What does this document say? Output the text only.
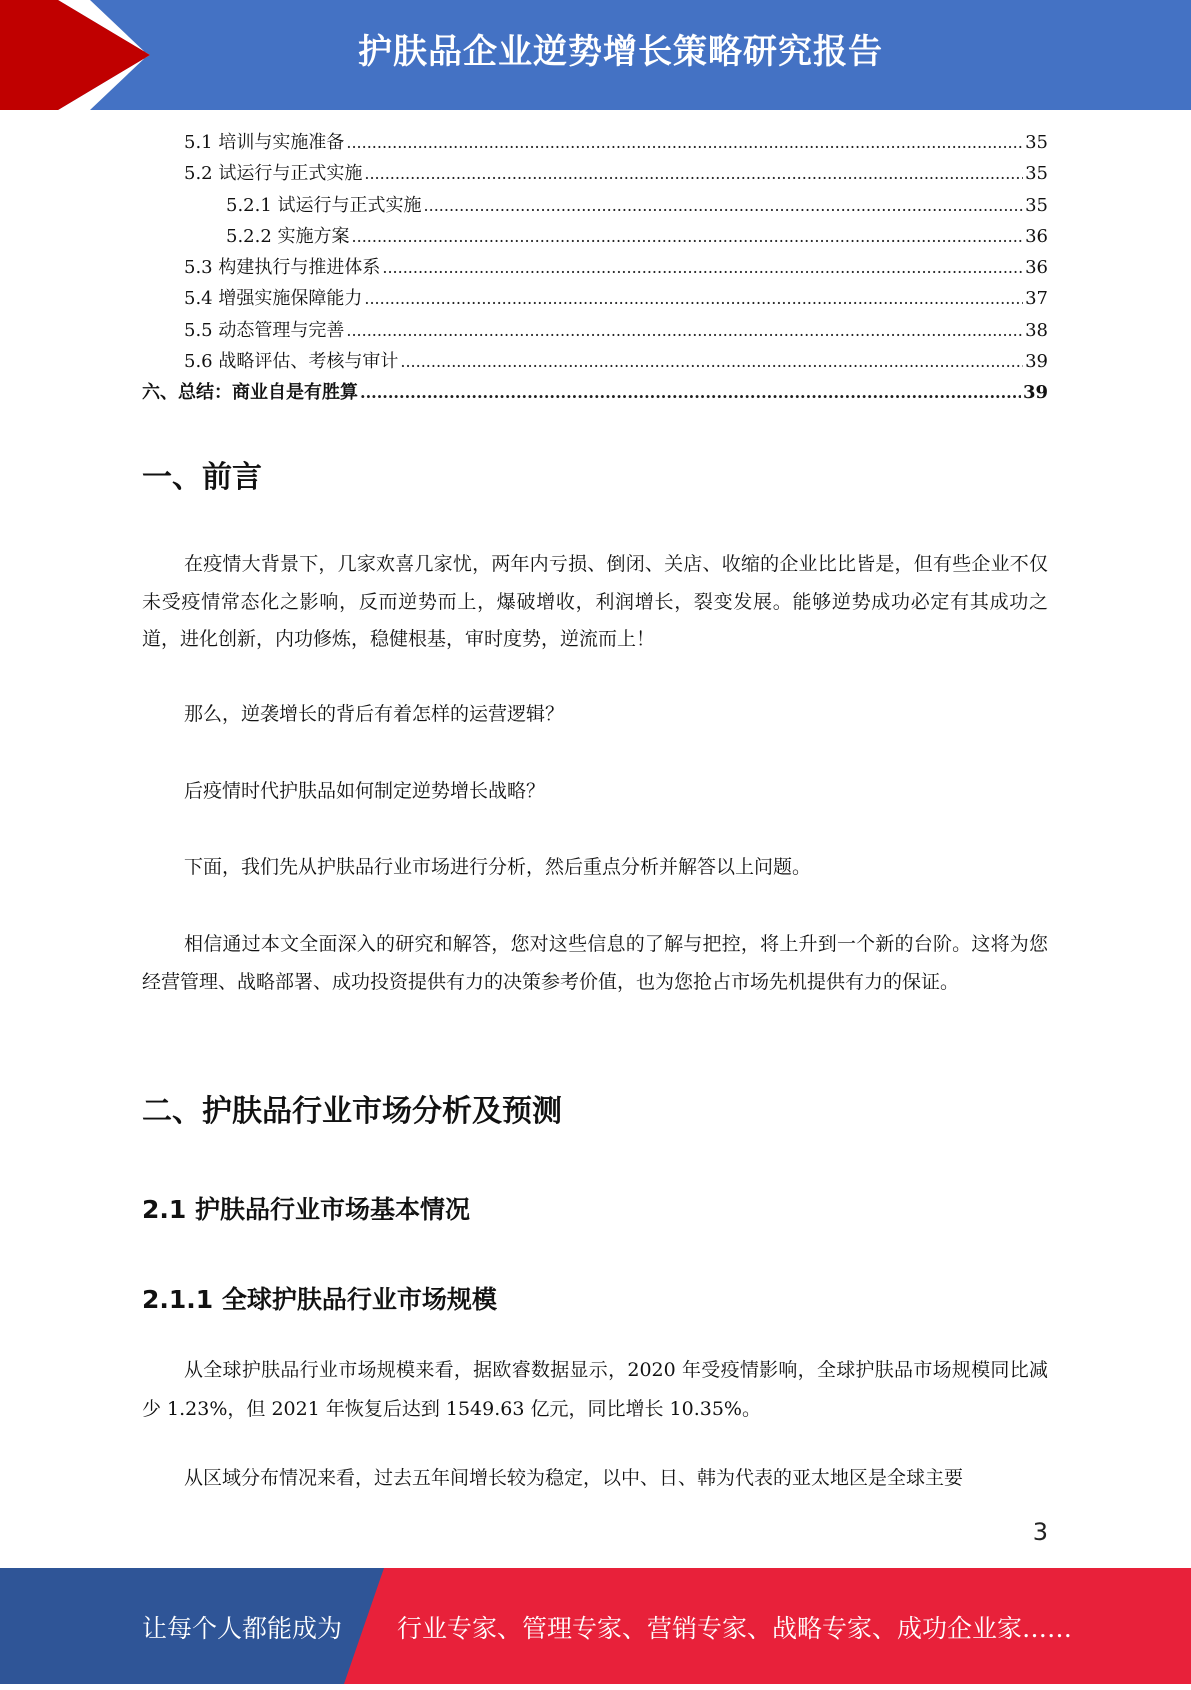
护肤品企业逆势增长策略研究报告
5.1 培训与实施准备 .....	35
5.2 试运行与正式实施 .....	35
5.2.1 试运行与正式实施 .....	35
5.2.2 实施方案 .....	36
5.3 构建执行与推进体系 .....	36
5.4 增强实施保障能力 .....	37
5.5 动态管理与完善 .....	38
5.6 战略评估、考核与审计 .....	39
六、总结：商业自是有胜算 .....	39
一、前言
在疫情大背景下，几家欢喜几家忧，两年内亏损、倒闭、关店、收缩的企业比比皆是，但有些企业不仅未受疫情常态化之影响，反而逆势而上，爆破增收，利润增长，裂变发展。能够逆势成功必定有其成功之道，进化创新，内功修炼，稳健根基，审时度势，逆流而上！
那么，逆袭增长的背后有着怎样的运营逻辑？
后疫情时代护肤品如何制定逆势增长战略？
下面，我们先从护肤品行业市场进行分析，然后重点分析并解答以上问题。
相信通过本文全面深入的研究和解答，您对这些信息的了解与把控，将上升到一个新的台阶。这将为您经营管理、战略部署、成功投资提供有力的决策参考价值，也为您抢占市场先机提供有力的保证。
二、护肤品行业市场分析及预测
2.1 护肤品行业市场基本情况
2.1.1 全球护肤品行业市场规模
从全球护肤品行业市场规模来看，据欧睿数据显示，2020 年受疫情影响，全球护肤品市场规模同比减少 1.23%，但 2021 年恢复后达到 1549.63 亿元，同比增长 10.35%。
从区域分布情况来看，过去五年间增长较为稳定，以中、日、韩为代表的亚太地区是全球主要
3
让每个人都能成为 行业专家、管理专家、营销专家、战略专家、成功企业家……
